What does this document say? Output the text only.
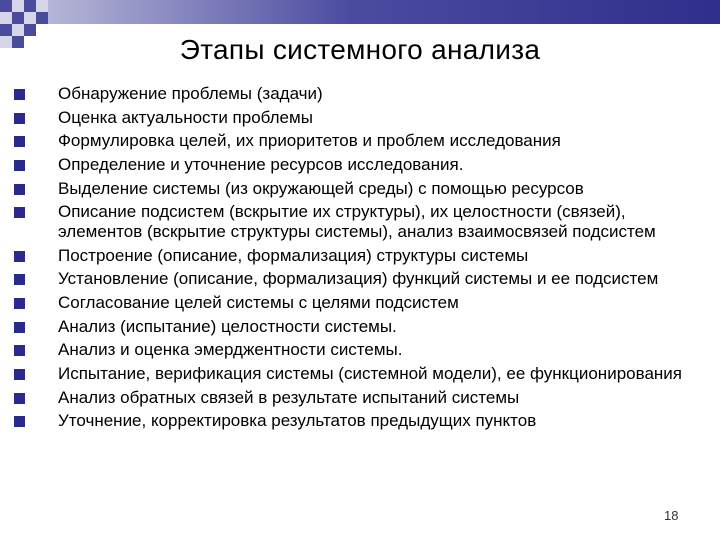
Этапы системного анализа
Обнаружение проблемы (задачи)
Оценка актуальности проблемы
Формулировка целей, их приоритетов и проблем исследования
Определение и уточнение ресурсов исследования.
Выделение системы (из окружающей среды) с помощью ресурсов
Описание подсистем (вскрытие их структуры), их целостности (связей), элементов (вскрытие структуры системы), анализ взаимосвязей подсистем
Построение (описание, формализация) структуры системы
Установление (описание, формализация) функций системы и ее подсистем
Согласование целей системы с целями подсистем
Анализ (испытание) целостности системы.
Анализ и оценка эмерджентности системы.
Испытание, верификация системы (системной модели), ее функционирования
Анализ обратных связей в результате испытаний системы
Уточнение, корректировка результатов предыдущих пунктов
18
